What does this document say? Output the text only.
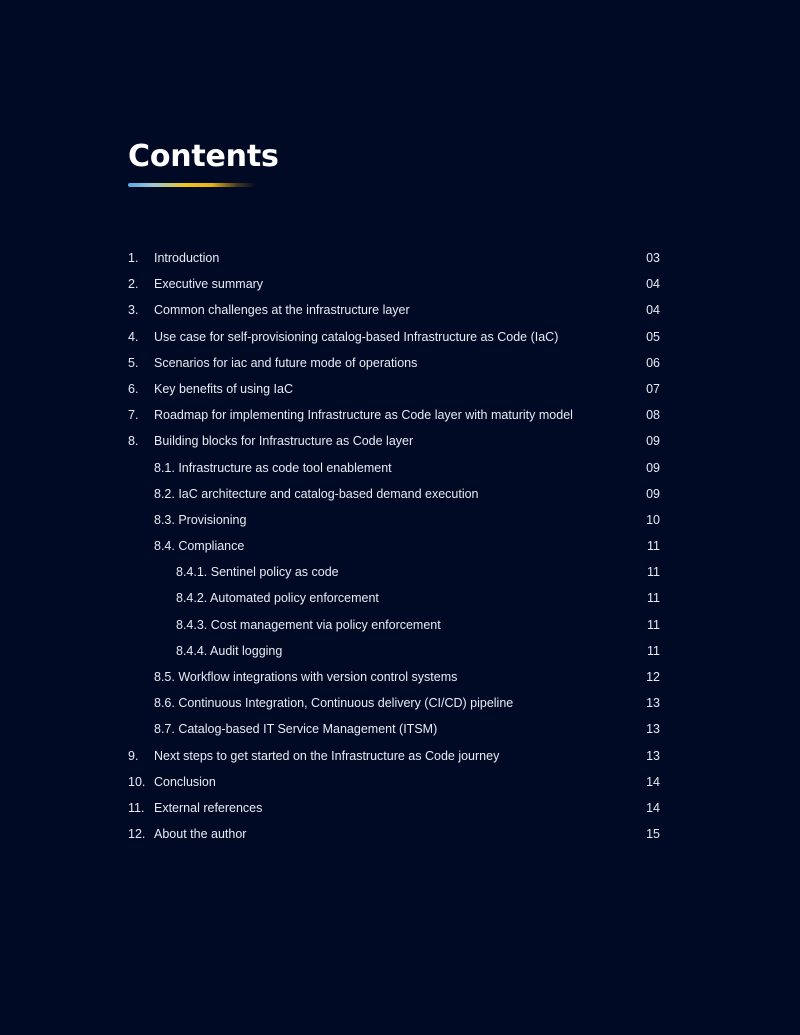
Contents
1. Introduction	03
2. Executive summary	04
3. Common challenges at the infrastructure layer	04
4. Use case for self-provisioning catalog-based Infrastructure as Code (IaC)	05
5. Scenarios for iac and future mode of operations	06
6. Key benefits of using IaC	07
7. Roadmap for implementing Infrastructure as Code layer with maturity model	08
8. Building blocks for Infrastructure as Code layer	09
8.1. Infrastructure as code tool enablement	09
8.2. IaC architecture and catalog-based demand execution	09
8.3. Provisioning	10
8.4. Compliance	11
8.4.1. Sentinel policy as code	11
8.4.2. Automated policy enforcement	11
8.4.3. Cost management via policy enforcement	11
8.4.4. Audit logging	11
8.5. Workflow integrations with version control systems	12
8.6. Continuous Integration, Continuous delivery (CI/CD) pipeline	13
8.7. Catalog-based IT Service Management (ITSM)	13
9. Next steps to get started on the Infrastructure as Code journey	13
10. Conclusion	14
11. External references	14
12. About the author	15
